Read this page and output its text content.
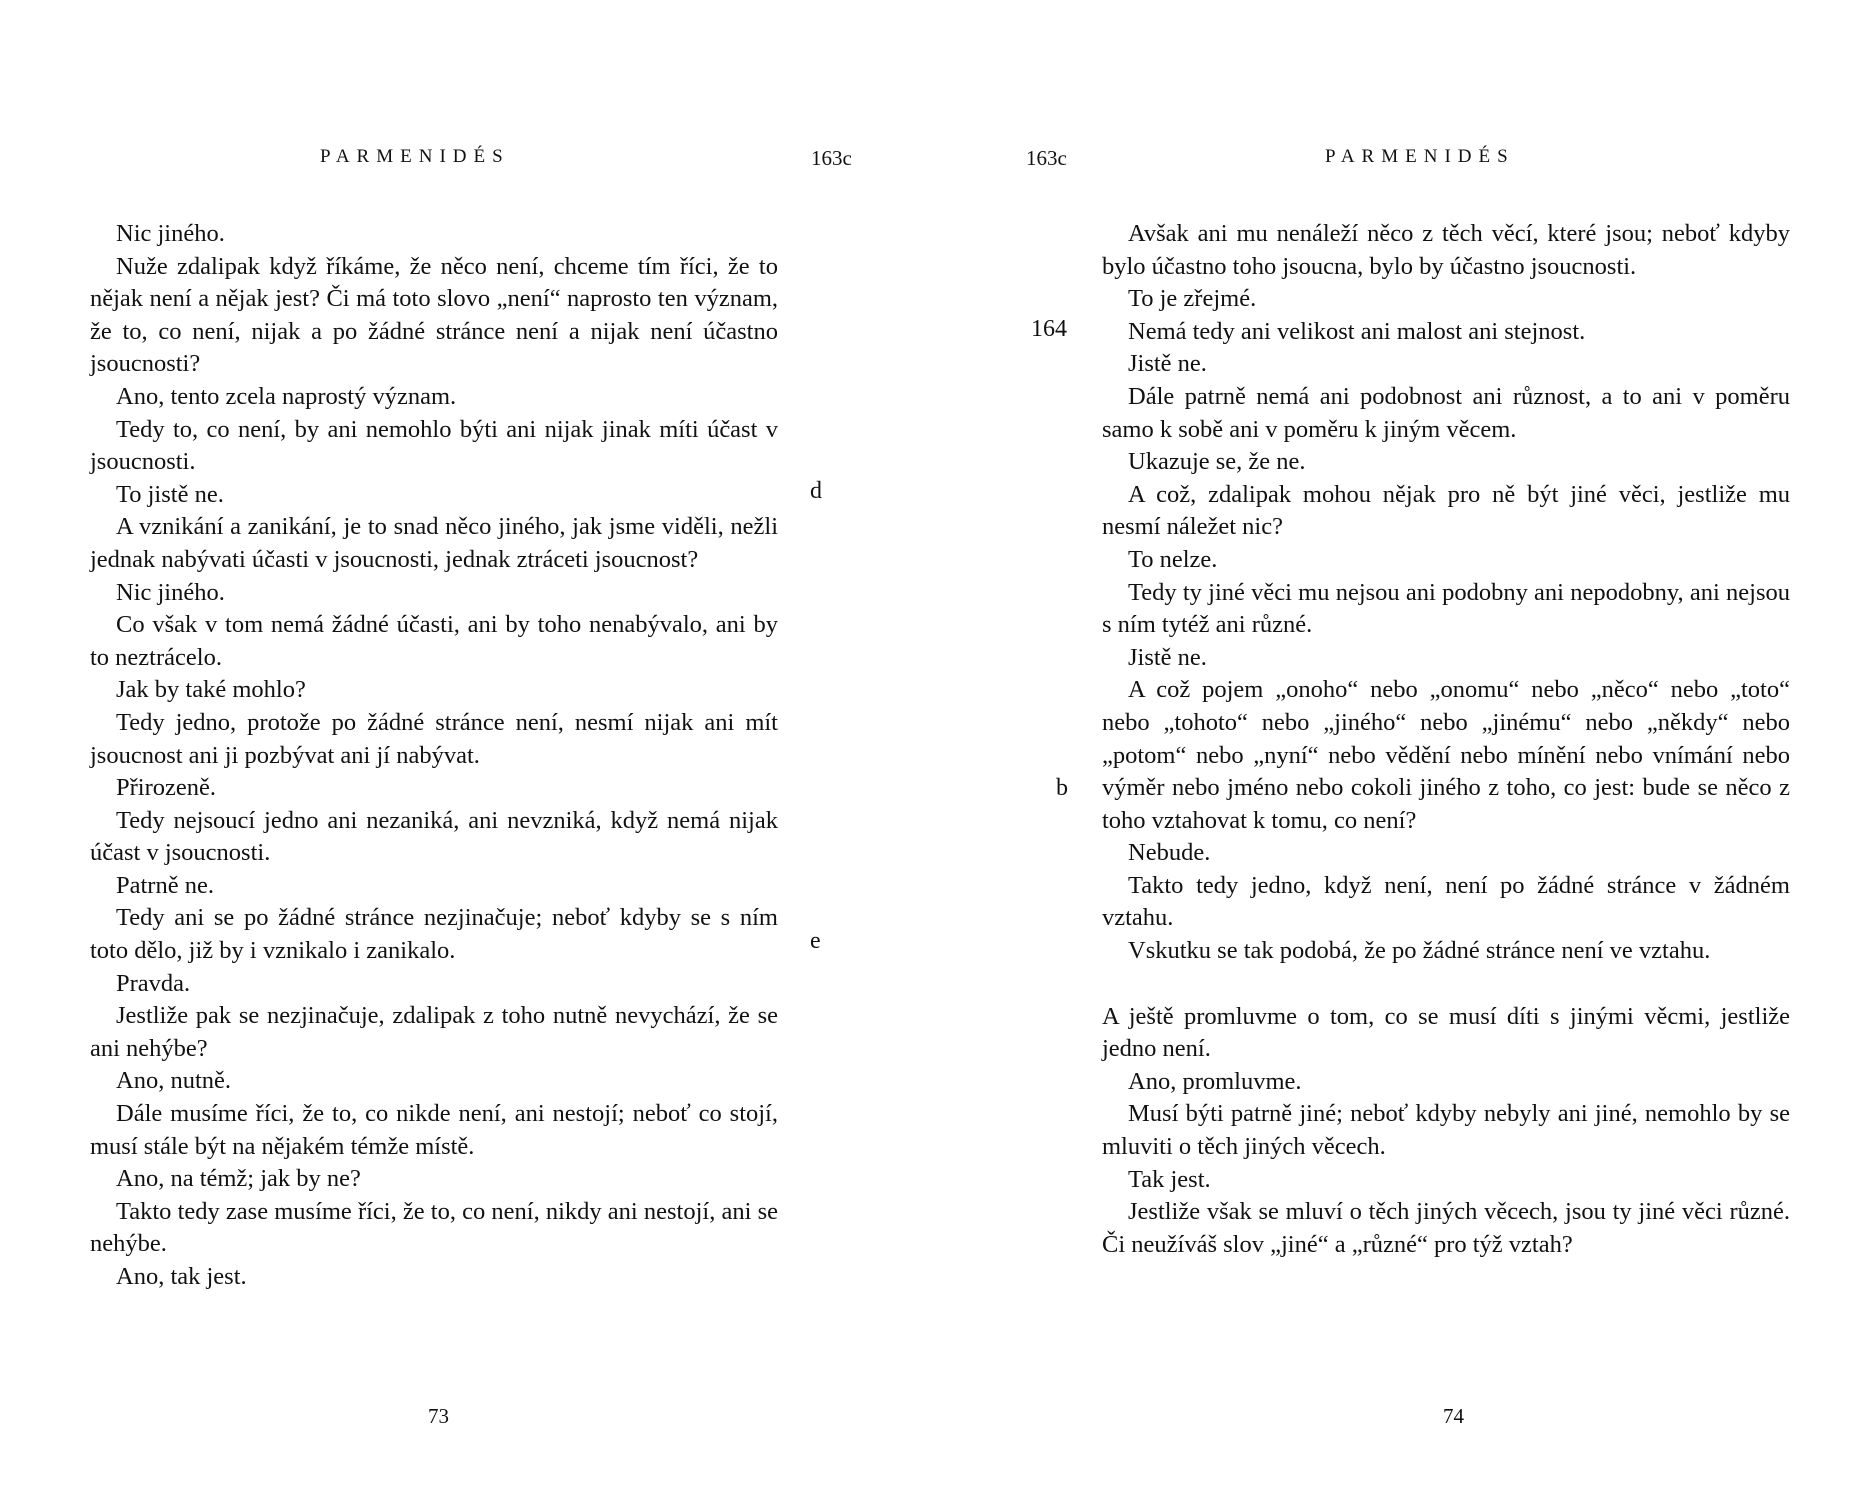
PARMENIDÉS	163c

Nic jiného.

Nuže zdalipak když říkáme, že něco není, chceme tím říci, že to nějak není a nějak jest? Či má toto slovo „není“ naprosto ten význam, že to, co není, nijak a po žádné stránce není a nijak není účastno jsoucnosti?

Ano, tento zcela naprostý význam.

Tedy to, co není, by ani nemohlo býti ani nijak jinak míti účast v jsoucnosti.

To jistě ne.

A vznikání a zanikání, je to snad něco jiného, jak jsme viděli, nežli jednak nabývati účasti v jsoucnosti, jednak ztráceti jsoucnost?

Nic jiného.

Co však v tom nemá žádné účasti, ani by toho nenabývalo, ani by to neztrácelo.

Jak by také mohlo?

Tedy jedno, protože po žádné stránce není, nesmí nijak ani mít jsoucnost ani ji pozbývat ani jí nabývat.

Přirozeně.

Tedy nejsoucí jedno ani nezaniká, ani nevzniká, když nemá nijak účast v jsoucnosti.

Patrně ne.

Tedy ani se po žádné stránce nezjinačuje; neboť kdyby se s ním toto dělo, již by i vznikalo i zanikalo.

Pravda.

Jestliže pak se nezjinačuje, zdalipak z toho nutně nevychází, že se ani nehýbe?

Ano, nutně.

Dále musíme říci, že to, co nikde není, ani nestojí; neboť co stojí, musí stále být na nějakém témže místě.

Ano, na témž; jak by ne?

Takto tedy zase musíme říci, že to, co není, nikdy ani nestojí, ani se nehýbe.

Ano, tak jest.

d
e
73
163c	PARMENIDÉS

Avšak ani mu nenáleží něco z těch věcí, které jsou; neboť kdyby bylo účastno toho jsoucna, bylo by účastno jsoucnosti.

To je zřejmé.

Nemá tedy ani velikost ani malost ani stejnost.

Jistě ne.

Dále patrně nemá ani podobnost ani různost, a to ani v poměru samo k sobě ani v poměru k jiným věcem.

Ukazuje se, že ne.

A což, zdalipak mohou nějak pro ně být jiné věci, jestliže mu nesmí náležet nic?

To nelze.

Tedy ty jiné věci mu nejsou ani podobny ani nepodobny, ani nejsou s ním tytéž ani různé.

Jistě ne.

A což pojem „onoho“ nebo „onomu“ nebo „něco“ nebo „toto“ nebo „tohoto“ nebo „jiného“ nebo „jinému“ nebo „někdy“ nebo „potom“ nebo „nyní“ nebo vědění nebo mínění nebo vnímání nebo výměr nebo jméno nebo cokoli jiného z toho, co jest: bude se něco z toho vztahovat k tomu, co není?

Nebude.

Takto tedy jedno, když není, není po žádné stránce v žádném vztahu.

Vskutku se tak podobá, že po žádné stránce není ve vztahu.

A ještě promluvme o tom, co se musí díti s jinými věcmi, jestliže jedno není.

Ano, promluvme.

Musí býti patrně jiné; neboť kdyby nebyly ani jiné, nemohlo by se mluviti o těch jiných věcech.

Tak jest.

Jestliže však se mluví o těch jiných věcech, jsou ty jiné věci různé. Či neužíváš slov „jiné“ a „různé“ pro týž vztah?

164
b
74
